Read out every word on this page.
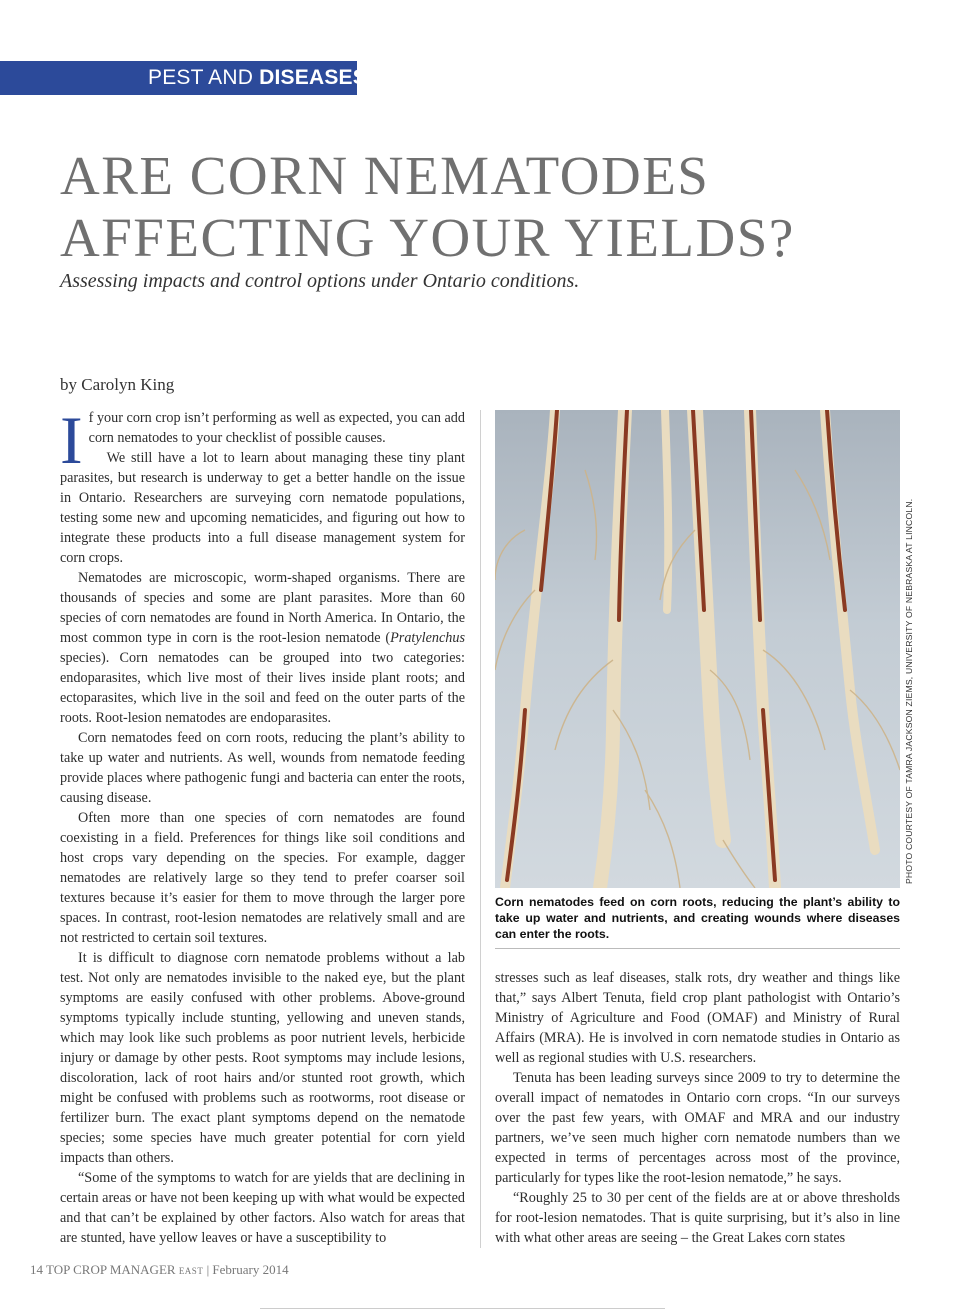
PEST AND DISEASES
ARE CORN NEMATODES AFFECTING YOUR YIELDS?
Assessing impacts and control options under Ontario conditions.
by Carolyn King

If your corn crop isn’t performing as well as expected, you can add corn nematodes to your checklist of possible causes.

We still have a lot to learn about managing these tiny plant parasites, but research is underway to get a better handle on the issue in Ontario. Researchers are surveying corn nematode populations, testing some new and upcoming nematicides, and figuring out how to integrate these products into a full disease management system for corn crops.

Nematodes are microscopic, worm-shaped organisms. There are thousands of species and some are plant parasites. More than 60 species of corn nematodes are found in North America. In Ontario, the most common type in corn is the root-lesion nematode (Pratylenchus species). Corn nematodes can be grouped into two categories: endoparasites, which live most of their lives inside plant roots; and ectoparasites, which live in the soil and feed on the outer parts of the roots. Root-lesion nematodes are endoparasites.

Corn nematodes feed on corn roots, reducing the plant’s ability to take up water and nutrients. As well, wounds from nematode feeding provide places where pathogenic fungi and bacteria can enter the roots, causing disease.

Often more than one species of corn nematodes are found coexisting in a field. Preferences for things like soil conditions and host crops vary depending on the species. For example, dagger nematodes are relatively large so they tend to prefer coarser soil textures because it’s easier for them to move through the larger pore spaces. In contrast, root-lesion nematodes are relatively small and are not restricted to certain soil textures.

It is difficult to diagnose corn nematode problems without a lab test. Not only are nematodes invisible to the naked eye, but the plant symptoms are easily confused with other problems. Above-ground symptoms typically include stunting, yellowing and uneven stands, which may look like such problems as poor nutrient levels, herbicide injury or damage by other pests. Root symptoms may include lesions, discoloration, lack of root hairs and/or stunted root growth, which might be confused with problems such as rootworms, root disease or fertilizer burn. The exact plant symptoms depend on the nematode species; some species have much greater potential for corn yield impacts than others.

“Some of the symptoms to watch for are yields that are declining in certain areas or have not been keeping up with what would be expected and that can’t be explained by other factors. Also watch for areas that are stunted, have yellow leaves or have a susceptibility to

PHOTO COURTESY OF TAMRA JACKSON ZIEMS, UNIVERSITY OF NEBRASKA AT LINCOLN.
Corn nematodes feed on corn roots, reducing the plant’s ability to take up water and nutrients, and creating wounds where diseases can enter the roots.

stresses such as leaf diseases, stalk rots, dry weather and things like that,” says Albert Tenuta, field crop plant pathologist with Ontario’s Ministry of Agriculture and Food (OMAF) and Ministry of Rural Affairs (MRA). He is involved in corn nematode studies in Ontario as well as regional studies with U.S. researchers.

Tenuta has been leading surveys since 2009 to try to determine the overall impact of nematodes in Ontario corn crops. “In our surveys over the past few years, with OMAF and MRA and our industry partners, we’ve seen much higher corn nematode numbers than we expected in terms of percentages across most of the province, particularly for types like the root-lesion nematode,” he says.

“Roughly 25 to 30 per cent of the fields are at or above thresholds for root-lesion nematodes. That is quite surprising, but it’s also in line with what other areas are seeing – the Great Lakes corn states

14 TOP CROP MANAGER EAST | February 2014
